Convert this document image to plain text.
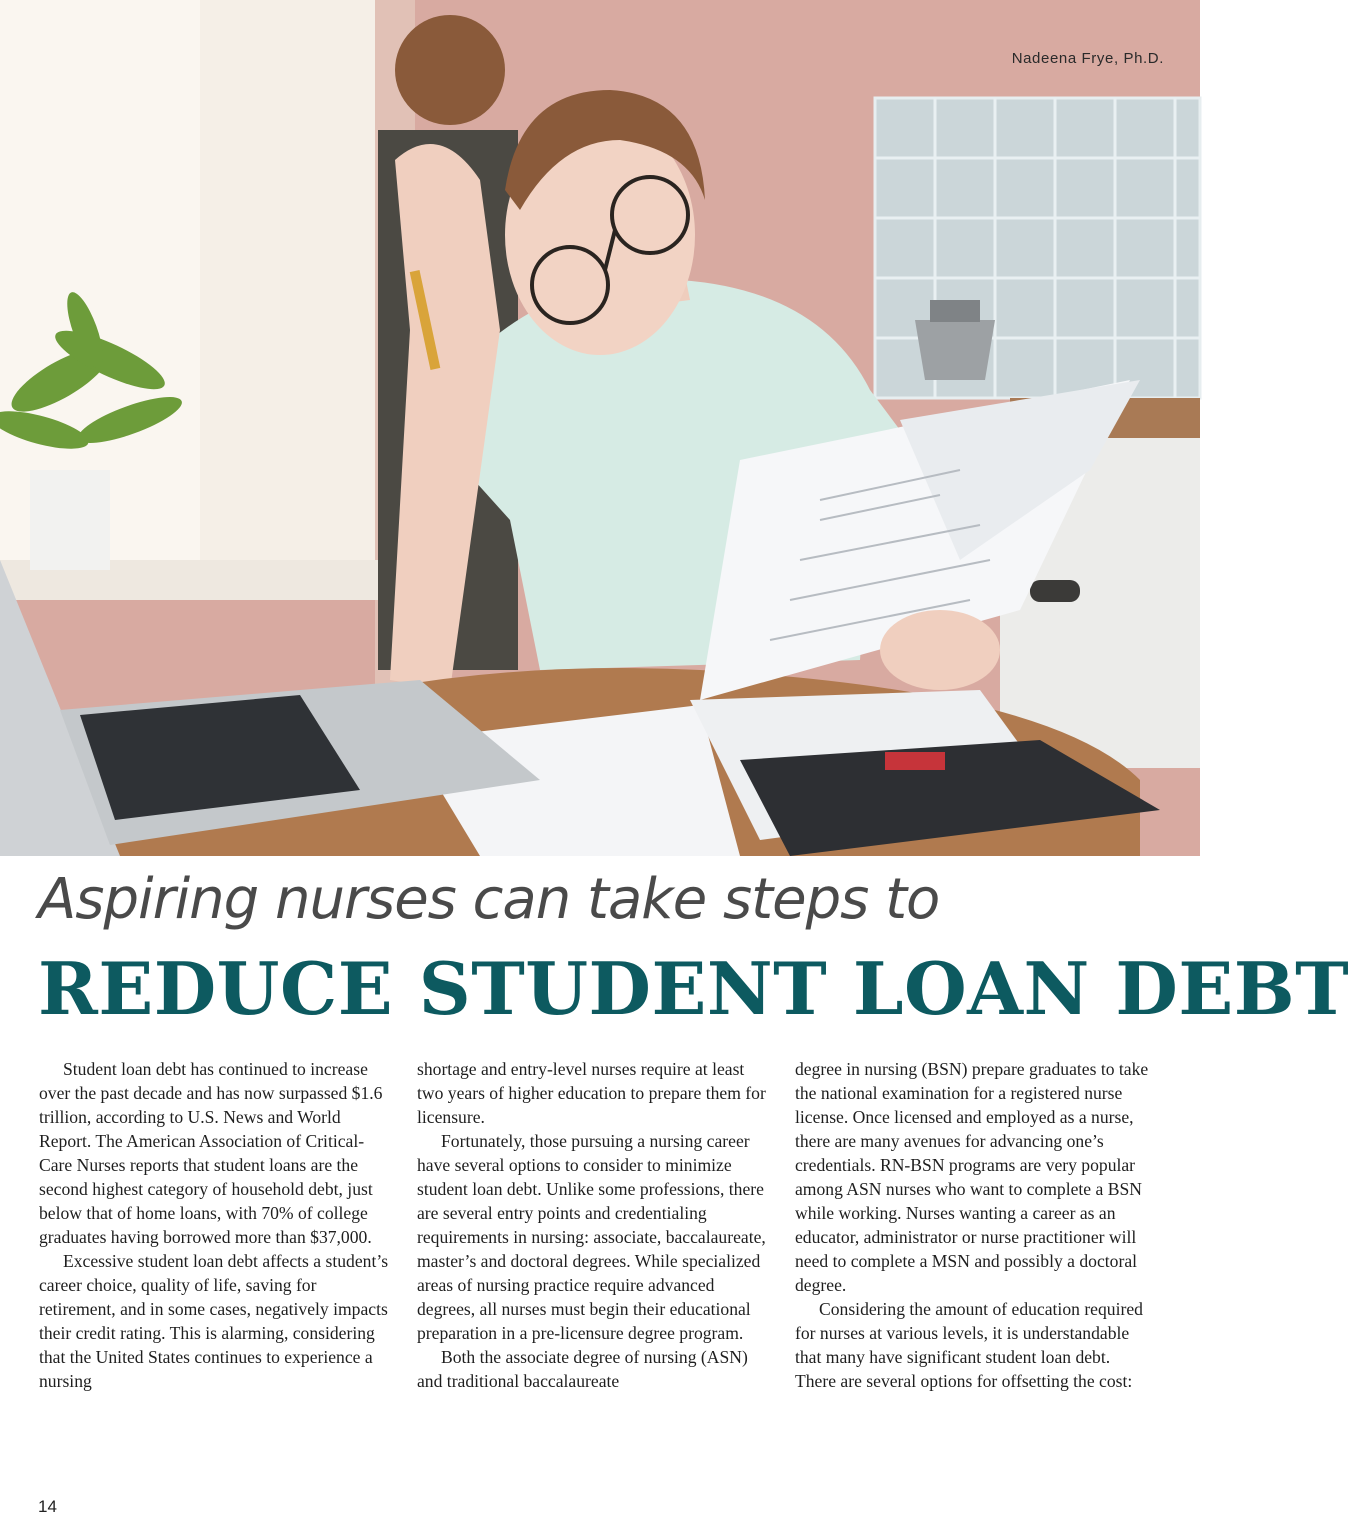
Nadeena Frye, Ph.D.
Aspiring nurses can take steps to
REDUCE STUDENT LOAN DEBT

Student loan debt has continued to increase over the past decade and has now surpassed $1.6 trillion, according to U.S. News and World Report. The American Association of Critical-Care Nurses reports that student loans are the second highest category of household debt, just below that of home loans, with 70% of college graduates having borrowed more than $37,000.

Excessive student loan debt affects a student’s career choice, quality of life, saving for retirement, and in some cases, negatively impacts their credit rating. This is alarming, considering that the United States continues to experience a nursing

shortage and entry-level nurses require at least two years of higher education to prepare them for licensure.

Fortunately, those pursuing a nursing career have several options to consider to minimize student loan debt. Unlike some professions, there are several entry points and credentialing requirements in nursing: associate, baccalaureate, master’s and doctoral degrees. While specialized areas of nursing practice require advanced degrees, all nurses must begin their educational preparation in a pre-licensure degree program.

Both the associate degree of nursing (ASN) and traditional baccalaureate

degree in nursing (BSN) prepare graduates to take the national examination for a registered nurse license. Once licensed and employed as a nurse, there are many avenues for advancing one’s credentials. RN-BSN programs are very popular among ASN nurses who want to complete a BSN while working. Nurses wanting a career as an educator, administrator or nurse practitioner will need to complete a MSN and possibly a doctoral degree.

Considering the amount of education required for nurses at various levels, it is understandable that many have significant student loan debt. There are several options for offsetting the cost:

14
